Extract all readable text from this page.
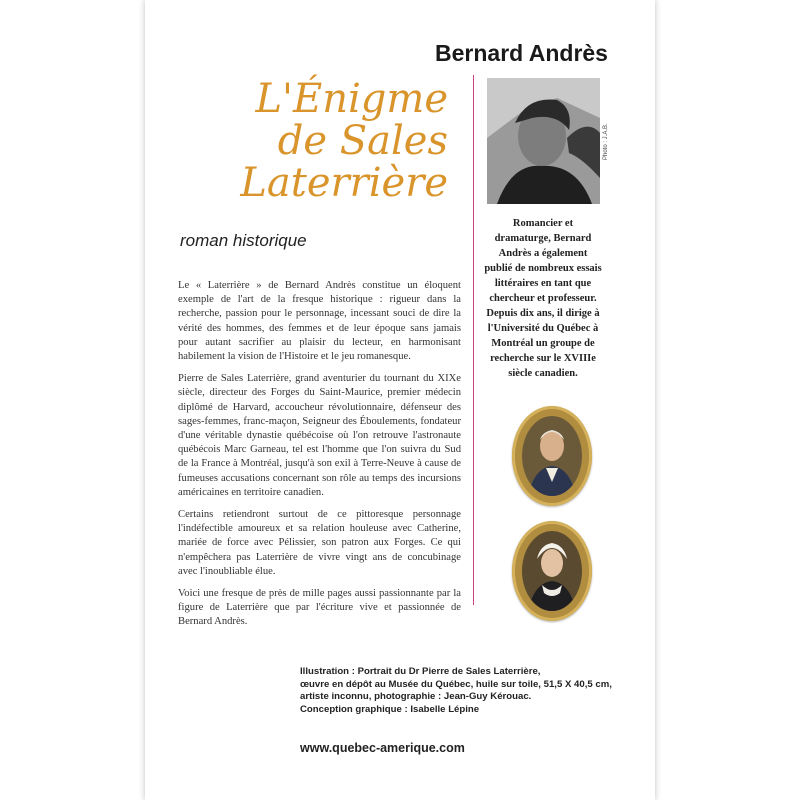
Bernard Andrès
L'Énigme
de Sales
Laterrière
roman historique
Photo : J.A.B.
Romancier et dramaturge, Bernard Andrès a également publié de nombreux essais littéraires en tant que chercheur et professeur. Depuis dix ans, il dirige à l'Université du Québec à Montréal un groupe de recherche sur le XVIIIe siècle canadien.

Le « Laterrière » de Bernard Andrès constitue un éloquent exemple de l'art de la fresque historique : rigueur dans la recherche, passion pour le personnage, incessant souci de dire la vérité des hommes, des femmes et de leur époque sans jamais pour autant sacrifier au plaisir du lecteur, en harmonisant habilement la vision de l'Histoire et le jeu romanesque.

Pierre de Sales Laterrière, grand aventurier du tournant du XIXe siècle, directeur des Forges du Saint-Maurice, premier médecin diplômé de Harvard, accoucheur révolutionnaire, défenseur des sages-femmes, franc-maçon, Seigneur des Éboulements, fondateur d'une véritable dynastie québécoise où l'on retrouve l'astronaute québécois Marc Garneau, tel est l'homme que l'on suivra du Sud de la France à Montréal, jusqu'à son exil à Terre-Neuve à cause de fumeuses accusations concernant son rôle au temps des incursions américaines en territoire canadien.

Certains retiendront surtout de ce pittoresque personnage l'indéfectible amoureux et sa relation houleuse avec Catherine, mariée de force avec Pélissier, son patron aux Forges. Ce qui n'empêchera pas Laterrière de vivre vingt ans de concubinage avec l'inoubliable élue.

Voici une fresque de près de mille pages aussi passionnante par la figure de Laterrière que par l'écriture vive et passionnée de Bernard Andrès.

Illustration : Portrait du Dr Pierre de Sales Laterrière,
œuvre en dépôt au Musée du Québec, huile sur toile, 51,5 X 40,5 cm,
artiste inconnu, photographie : Jean-Guy Kérouac.
Conception graphique : Isabelle Lépine
www.quebec-amerique.com
